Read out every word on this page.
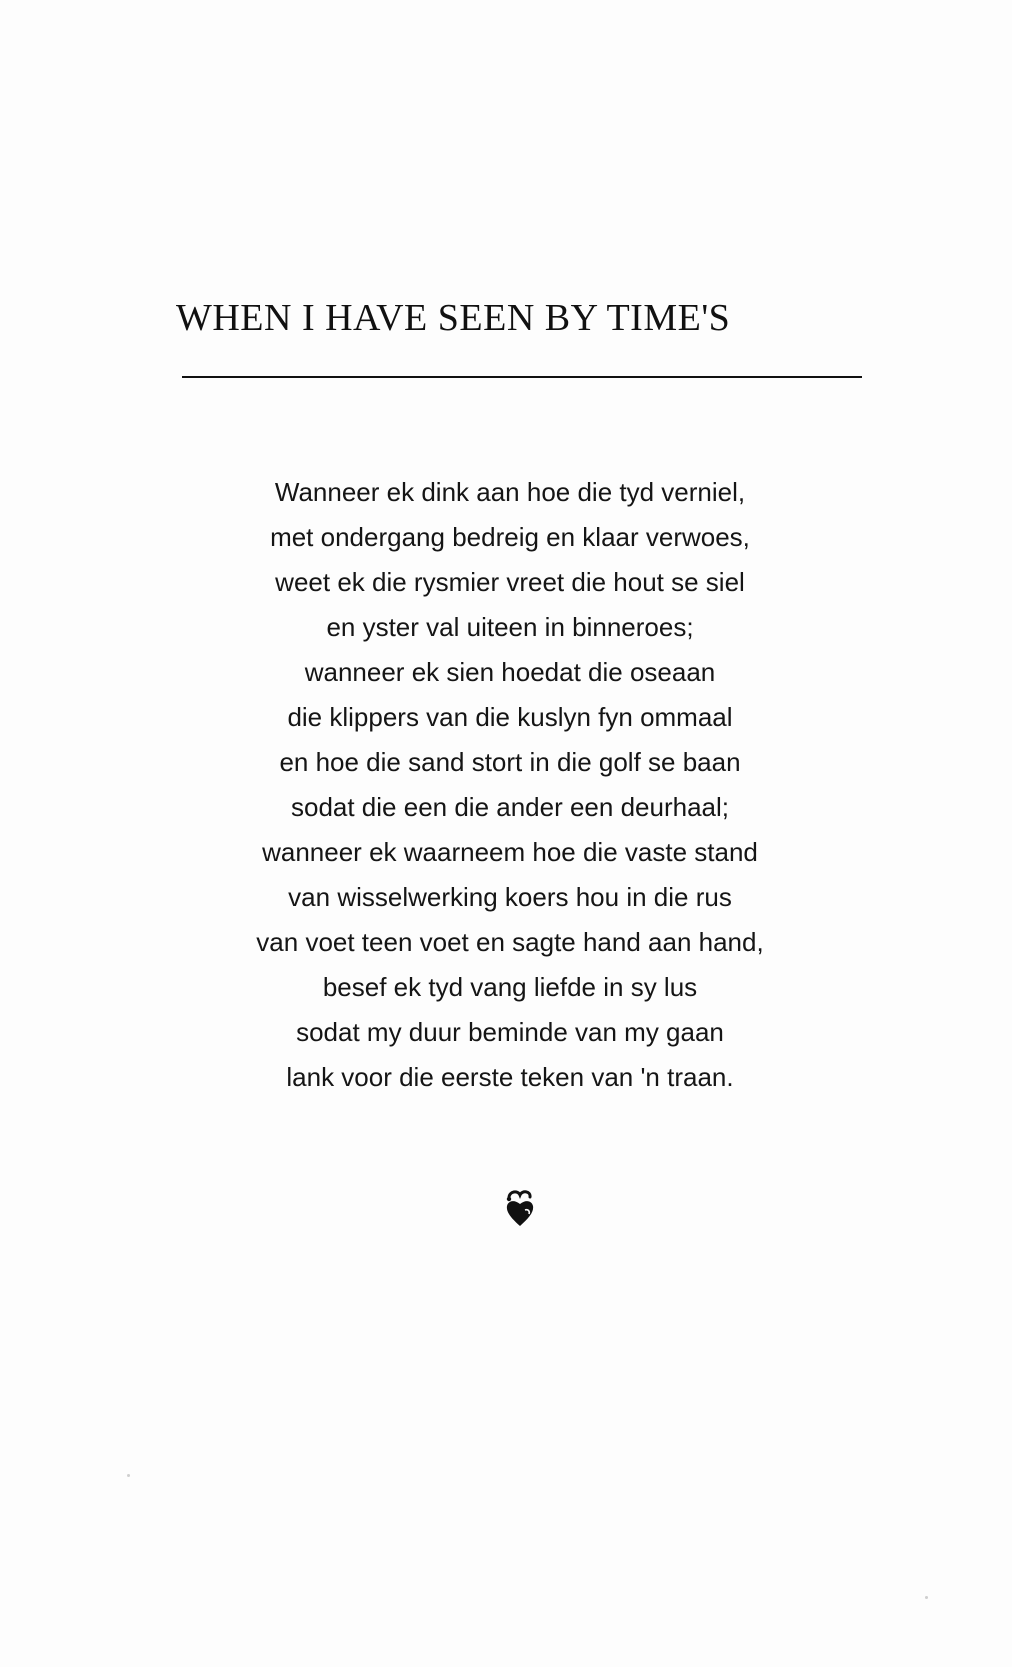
WHEN I HAVE SEEN BY TIME'S
Wanneer ek dink aan hoe die tyd verniel,
met ondergang bedreig en klaar verwoes,
weet ek die rysmier vreet die hout se siel
en yster val uiteen in binneroes;
wanneer ek sien hoedat die oseaan
die klippers van die kuslyn fyn ommaal
en hoe die sand stort in die golf se baan
sodat die een die ander een deurhaal;
wanneer ek waarneem hoe die vaste stand
van wisselwerking koers hou in die rus
van voet teen voet en sagte hand aan hand,
besef ek tyd vang liefde in sy lus
sodat my duur beminde van my gaan
lank voor die eerste teken van 'n traan.
